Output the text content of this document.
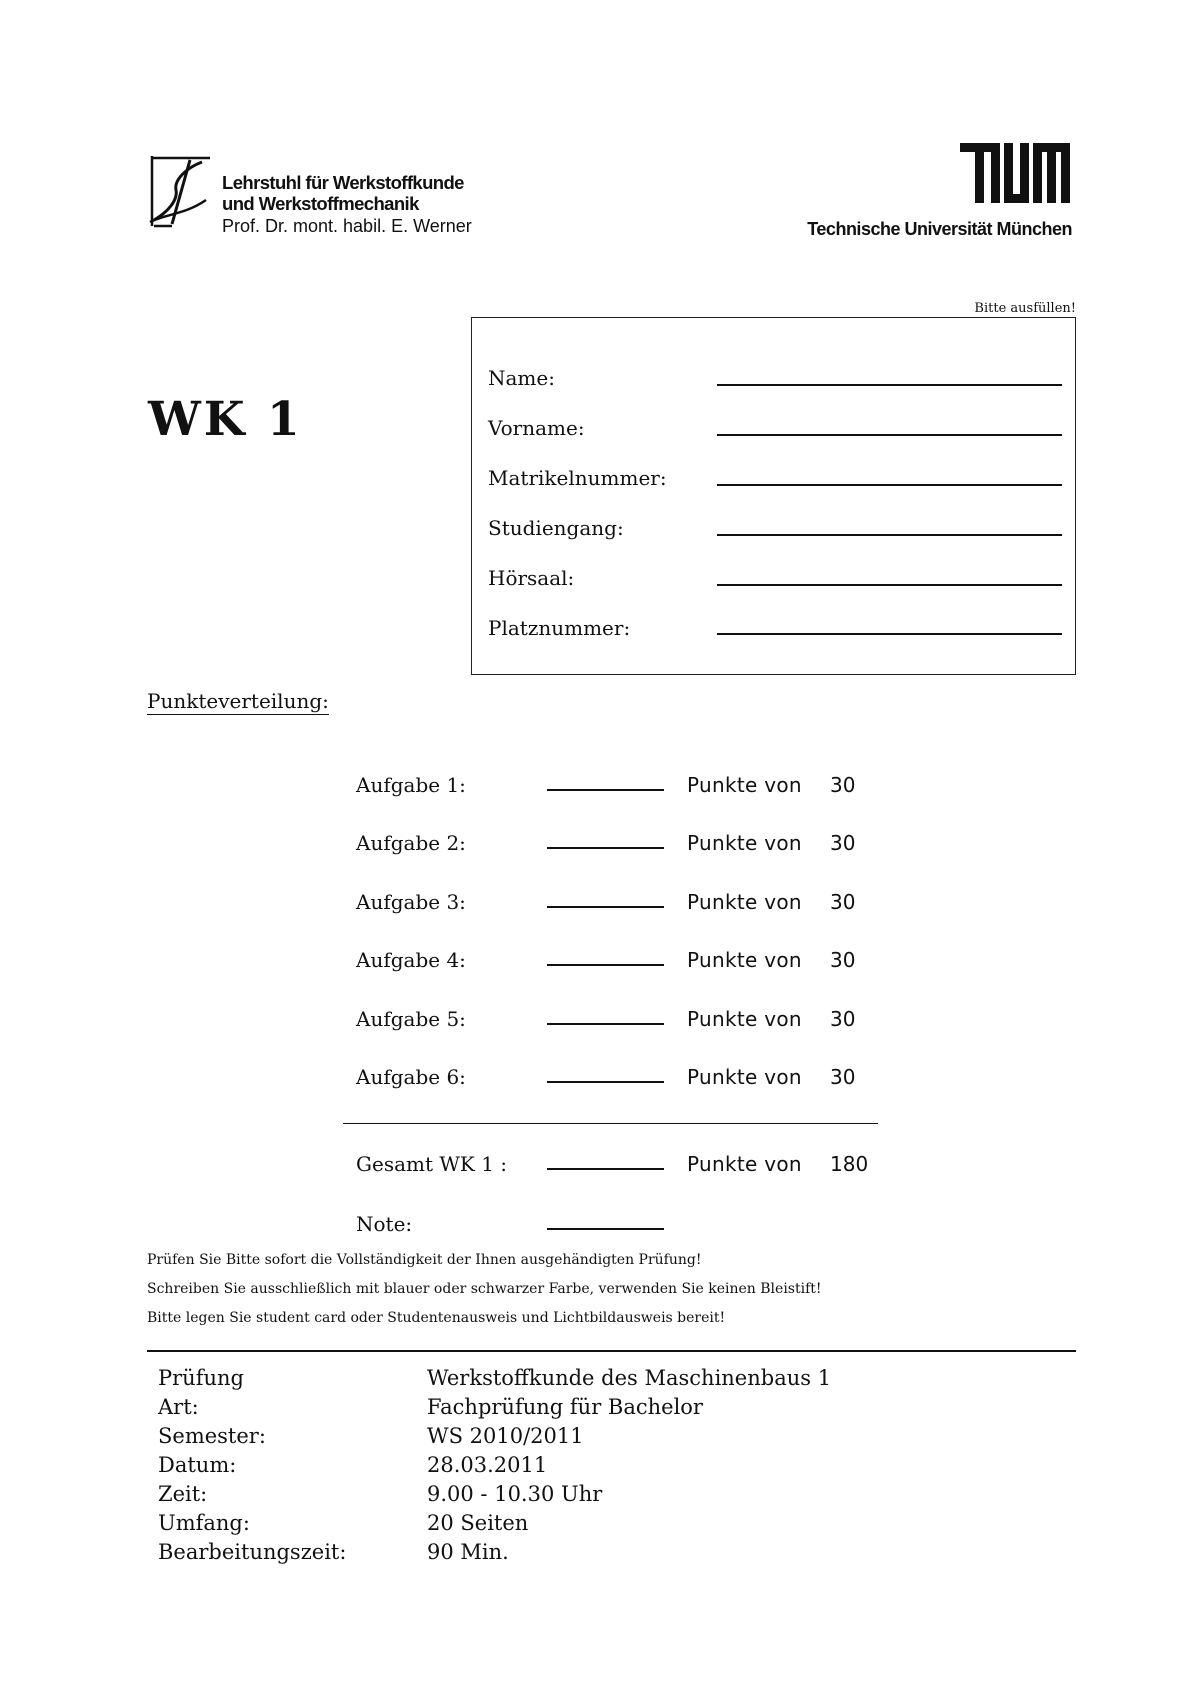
Lehrstuhl für Werkstoffkunde
und Werkstoffmechanik
Prof. Dr. mont. habil. E. Werner	Technische Universität München
WK 1
Bitte ausfüllen!
Name:
Vorname:
Matrikelnummer:
Studiengang:
Hörsaal:
Platznummer:
Punkteverteilung:
Aufgabe 1:	Punkte von 30
Aufgabe 2:	Punkte von 30
Aufgabe 3:	Punkte von 30
Aufgabe 4:	Punkte von 30
Aufgabe 5:	Punkte von 30
Aufgabe 6:	Punkte von 30
Gesamt WK 1 :	Punkte von 180
Note:
Prüfen Sie Bitte sofort die Vollständigkeit der Ihnen ausgehändigten Prüfung!
Schreiben Sie ausschließlich mit blauer oder schwarzer Farbe, verwenden Sie keinen Bleistift!
Bitte legen Sie student card oder Studentenausweis und Lichtbildausweis bereit!
Prüfung	Werkstoffkunde des Maschinenbaus 1
Art:	Fachprüfung für Bachelor
Semester:	WS 2010/2011
Datum:	28.03.2011
Zeit:	9.00 - 10.30 Uhr
Umfang:	20 Seiten
Bearbeitungszeit:	90 Min.
